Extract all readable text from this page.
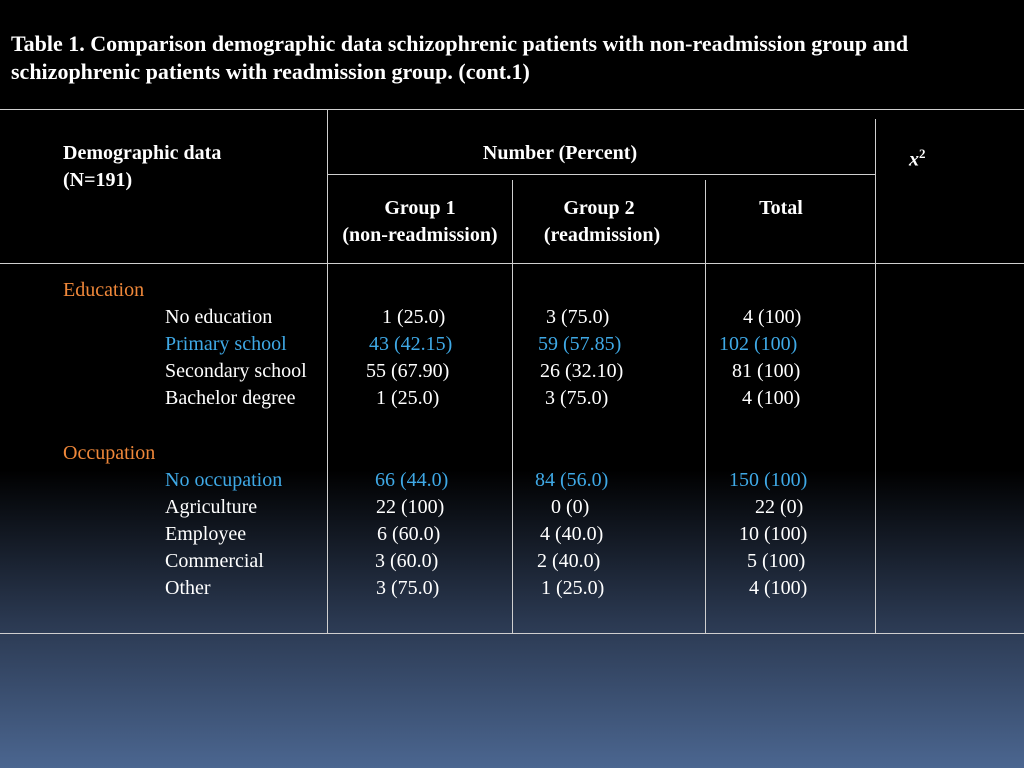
Table 1. Comparison demographic data schizophrenic patients with non-readmission group and schizophrenic patients with readmission group. (cont.1)
Demographic data
(N=191)
Number (Percent)	$x^2$
Group 1
(non-readmission)
Group 2
(readmission)
Total
Education
No education	1 (25.0)	3 (75.0)	4 (100)
Primary school	43 (42.15)	59 (57.85)	102 (100)
Secondary school	55 (67.90)	26 (32.10)	81 (100)
Bachelor degree	1 (25.0)	3 (75.0)	4 (100)
Occupation
No occupation	66 (44.0)	84 (56.0)	150 (100)
Agriculture	22 (100)	0 (0)	22 (0)
Employee	6 (60.0)	4 (40.0)	10 (100)
Commercial	3 (60.0)	2 (40.0)	5 (100)
Other	3 (75.0)	1 (25.0)	4 (100)
